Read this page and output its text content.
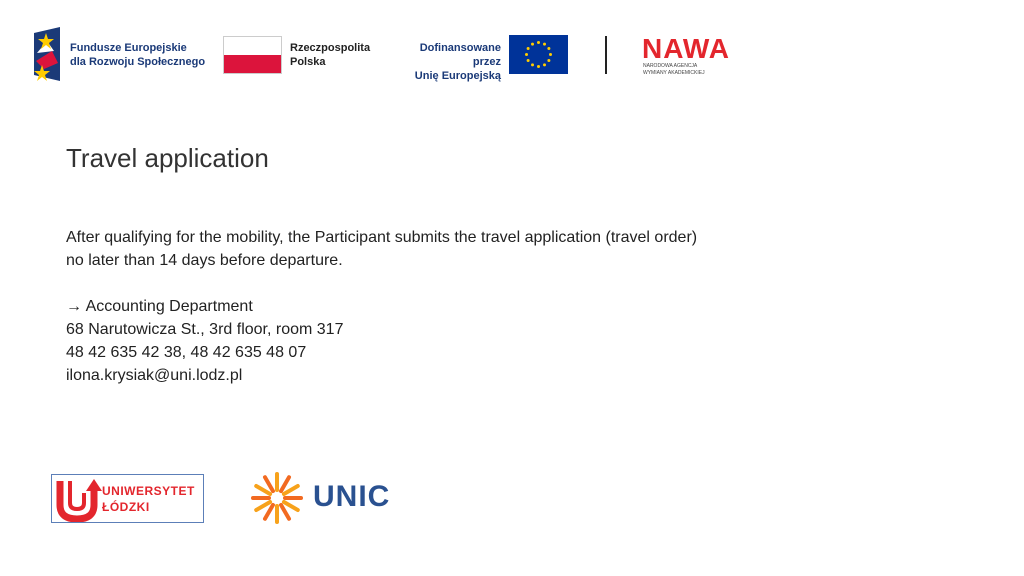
Fundusze Europejskie
dla Rozwoju Społecznego
Rzeczpospolita
Polska
Dofinansowane przez
Unię Europejską
NAWA
NARODOWA AGENCJA
WYMIANY AKADEMICKIEJ
Travel application
After qualifying for the mobility, the Participant submits the travel application (travel order)
no later than 14 days before departure.
→ Accounting Department
68 Narutowicza St., 3rd floor, room 317
48 42 635 42 38, 48 42 635 48 07
ilona.krysiak@uni.lodz.pl
UNIWERSYTET
ŁÓDZKI	UNIC
